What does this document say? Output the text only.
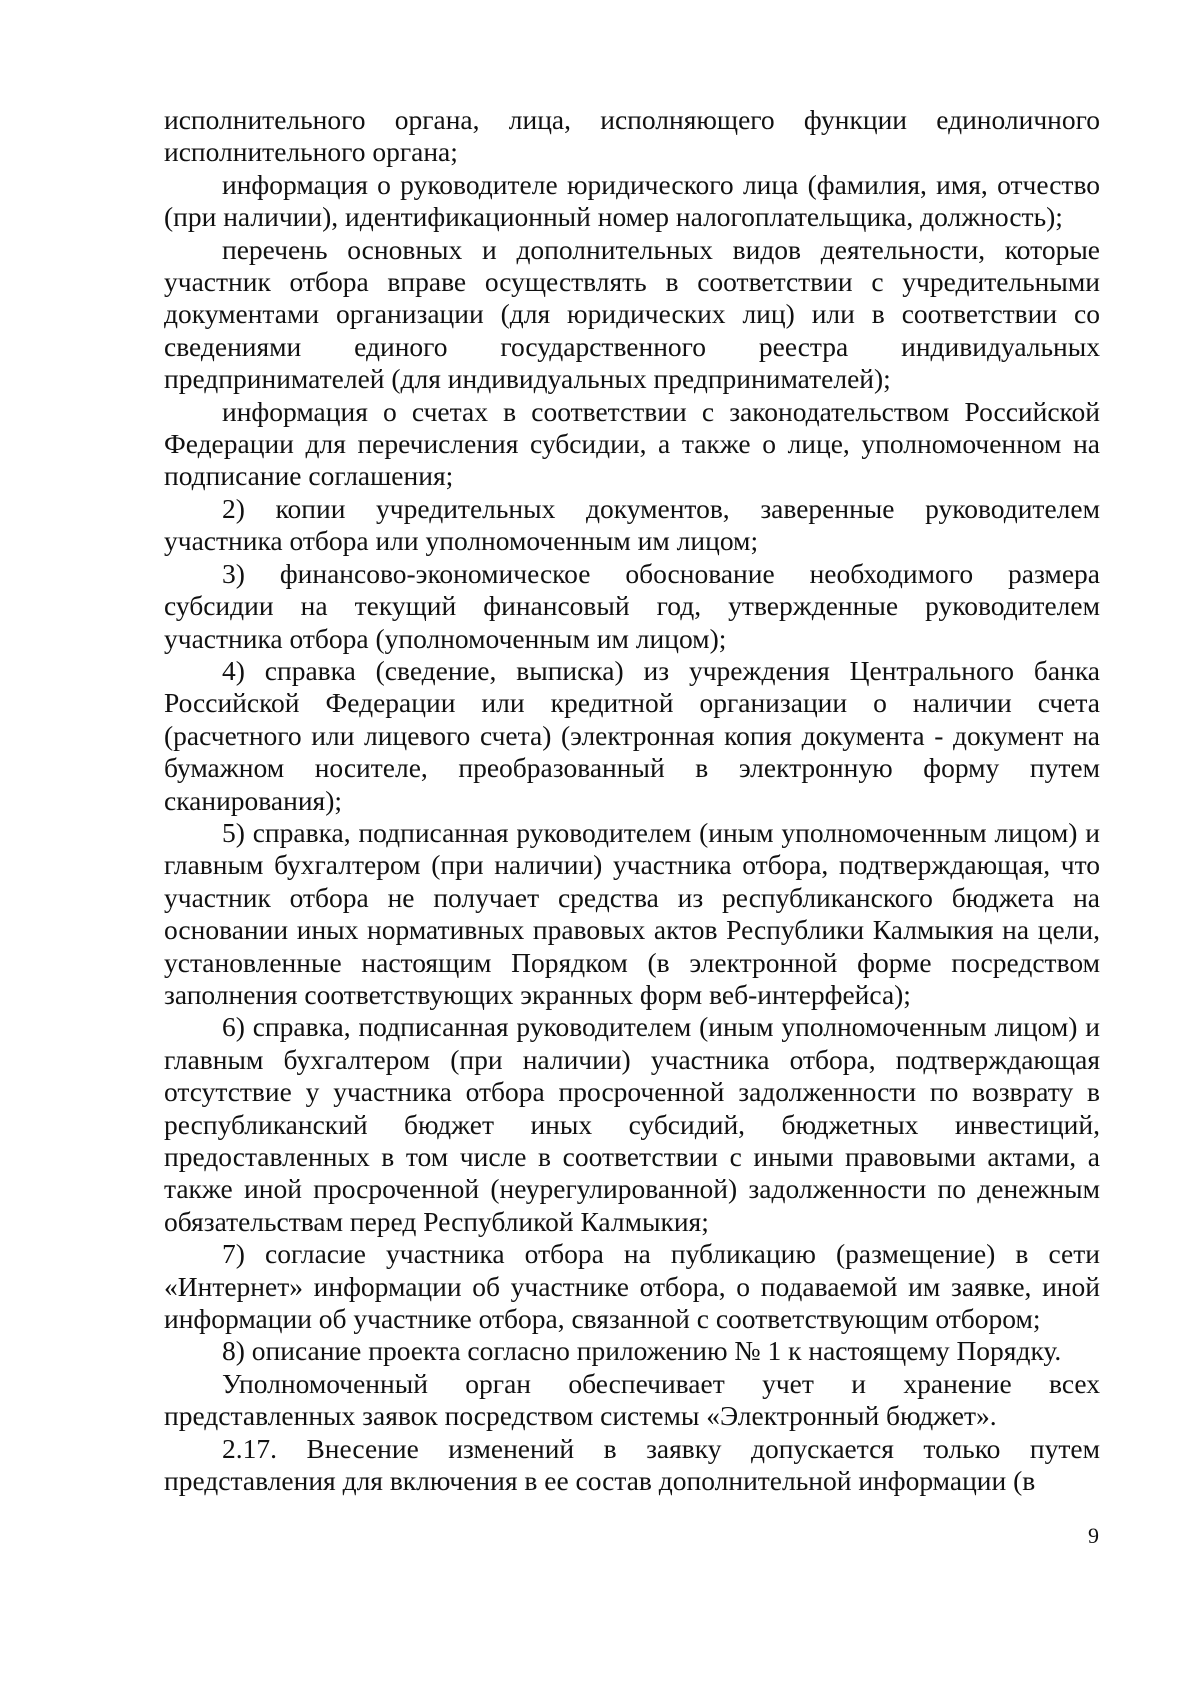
исполнительного органа, лица, исполняющего функции единоличного исполнительного органа;

информация о руководителе юридического лица (фамилия, имя, отчество (при наличии), идентификационный номер налогоплательщика, должность);

перечень основных и дополнительных видов деятельности, которые участник отбора вправе осуществлять в соответствии с учредительными документами организации (для юридических лиц) или в соответствии со сведениями единого государственного реестра индивидуальных предпринимателей (для индивидуальных предпринимателей);

информация о счетах в соответствии с законодательством Российской Федерации для перечисления субсидии, а также о лице, уполномоченном на подписание соглашения;

2) копии учредительных документов, заверенные руководителем участника отбора или уполномоченным им лицом;

3) финансово-экономическое обоснование необходимого размера субсидии на текущий финансовый год, утвержденные руководителем участника отбора (уполномоченным им лицом);

4) справка (сведение, выписка) из учреждения Центрального банка Российской Федерации или кредитной организации о наличии счета (расчетного или лицевого счета) (электронная копия документа - документ на бумажном носителе, преобразованный в электронную форму путем сканирования);

5) справка, подписанная руководителем (иным уполномоченным лицом) и главным бухгалтером (при наличии) участника отбора, подтверждающая, что участник отбора не получает средства из республиканского бюджета на основании иных нормативных правовых актов Республики Калмыкия на цели, установленные настоящим Порядком (в электронной форме посредством заполнения соответствующих экранных форм веб-интерфейса);

6) справка, подписанная руководителем (иным уполномоченным лицом) и главным бухгалтером (при наличии) участника отбора, подтверждающая отсутствие у участника отбора просроченной задолженности по возврату в республиканский бюджет иных субсидий, бюджетных инвестиций, предоставленных в том числе в соответствии с иными правовыми актами, а также иной просроченной (неурегулированной) задолженности по денежным обязательствам перед Республикой Калмыкия;

7) согласие участника отбора на публикацию (размещение) в сети «Интернет» информации об участнике отбора, о подаваемой им заявке, иной информации об участнике отбора, связанной с соответствующим отбором;

8) описание проекта согласно приложению № 1 к настоящему Порядку.

Уполномоченный орган обеспечивает учет и хранение всех представленных заявок посредством системы «Электронный бюджет».

2.17. Внесение изменений в заявку допускается только путем представления для включения в ее состав дополнительной информации (в

9
